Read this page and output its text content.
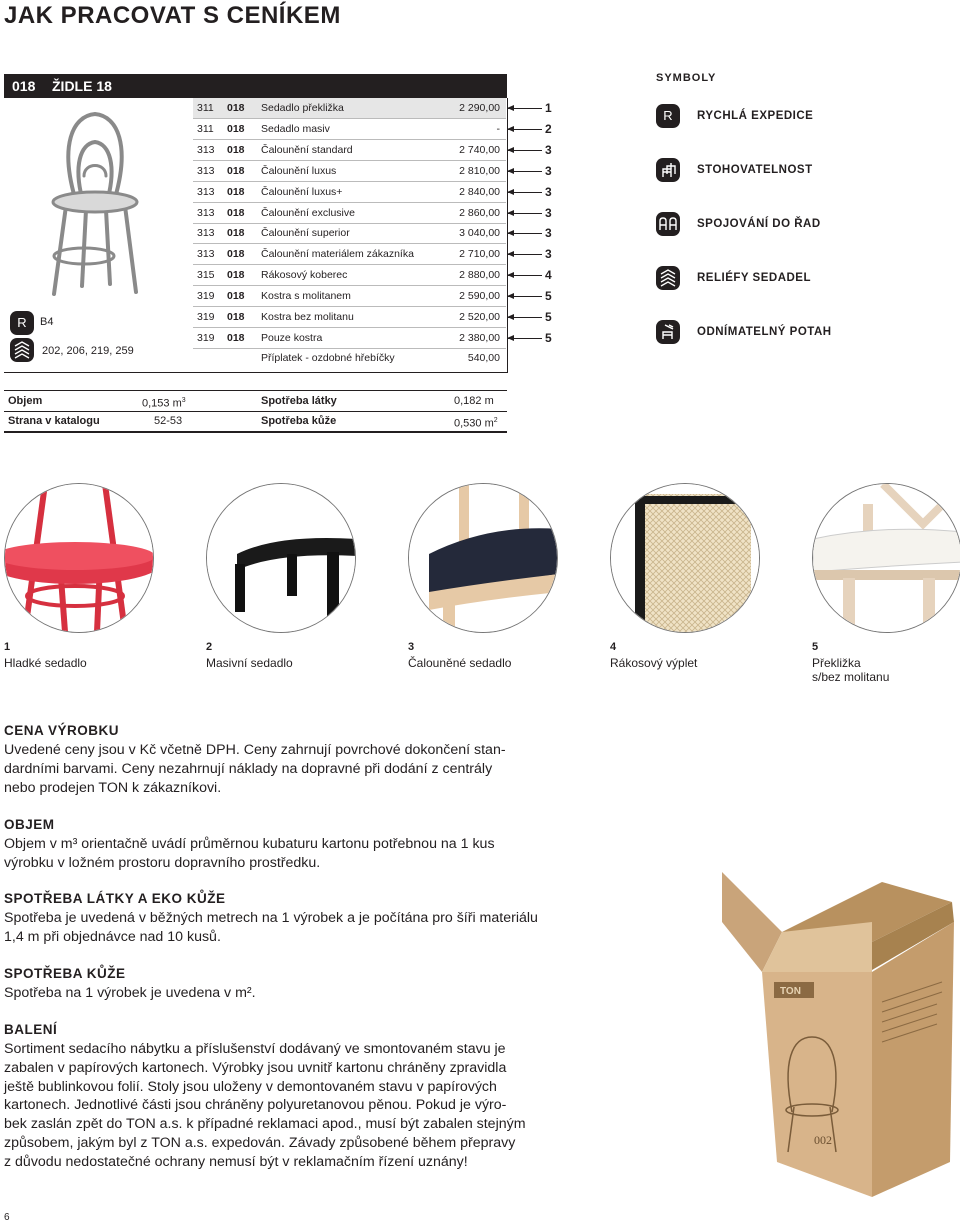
JAK PRACOVAT S CENÍKEM
018 ŽIDLE 18
R	B4
202, 206, 219, 259
311 018 Sedadlo překližka	2 290,00	1
311 018 Sedadlo masiv	-	2
313 018 Čalounění standard	2 740,00	3
313 018 Čalounění luxus	2 810,00	3
313 018 Čalounění luxus+	2 840,00	3
313 018 Čalounění exclusive	2 860,00	3
313 018 Čalounění superior	3 040,00	3
313 018 Čalounění materiálem zákazníka	2 710,00	3
315 018 Rákosový koberec	2 880,00	4
319 018 Kostra s molitanem	2 590,00	5
319 018 Kostra bez molitanu	2 520,00	5
319 018 Pouze kostra	2 380,00	5
Příplatek - ozdobné hřebíčky	540,00
Objem	0,153 $m^3$	Spotřeba látky	0,182 m
Strana v katalogu	52-53	Spotřeba kůže	0,530 $m^2$
SYMBOLY
R	RYCHLÁ EXPEDICE
STOHOVATELNOST
SPOJOVÁNÍ DO ŘAD
RELIÉFY SEDADEL
ODNÍMATELNÝ POTAH
1
Hladké sedadlo
2
Masivní sedadlo
3
Čalouněné sedadlo
4
Rákosový výplet
5
Překližka
s/bez molitanu
CENA VÝROBKU
Uvedené ceny jsou v Kč včetně DPH. Ceny zahrnují povrchové dokončení stan-
dardními barvami. Ceny nezahrnují náklady na dopravné při dodání z centrály
nebo prodejen TON k zákazníkovi.
OBJEM
Objem v m³ orientačně uvádí průměrnou kubaturu kartonu potřebnou na 1 kus
výrobku v ložném prostoru dopravního prostředku.
SPOTŘEBA LÁTKY A EKO KŮŽE
Spotřeba je uvedená v běžných metrech na 1 výrobek a je počítána pro šíři materiálu
1,4 m při objednávce nad 10 kusů.
SPOTŘEBA KŮŽE
Spotřeba na 1 výrobek je uvedena v m².
BALENÍ
Sortiment sedacího nábytku a příslušenství dodávaný ve smontovaném stavu je
zabalen v papírových kartonech. Výrobky jsou uvnitř kartonu chráněny zpravidla
ještě bublinkovou folií. Stoly jsou uloženy v demontovaném stavu v papírových
kartonech. Jednotlivé části jsou chráněny polyuretanovou pěnou. Pokud je výro-
bek zaslán zpět do TON a.s. k případné reklamaci apod., musí být zabalen stejným
způsobem, jakým byl z TON a.s. expedován. Závady způsobené během přepravy
z důvodu nedostatečné ochrany nemusí být v reklamačním řízení uznány!
TON
002
6
